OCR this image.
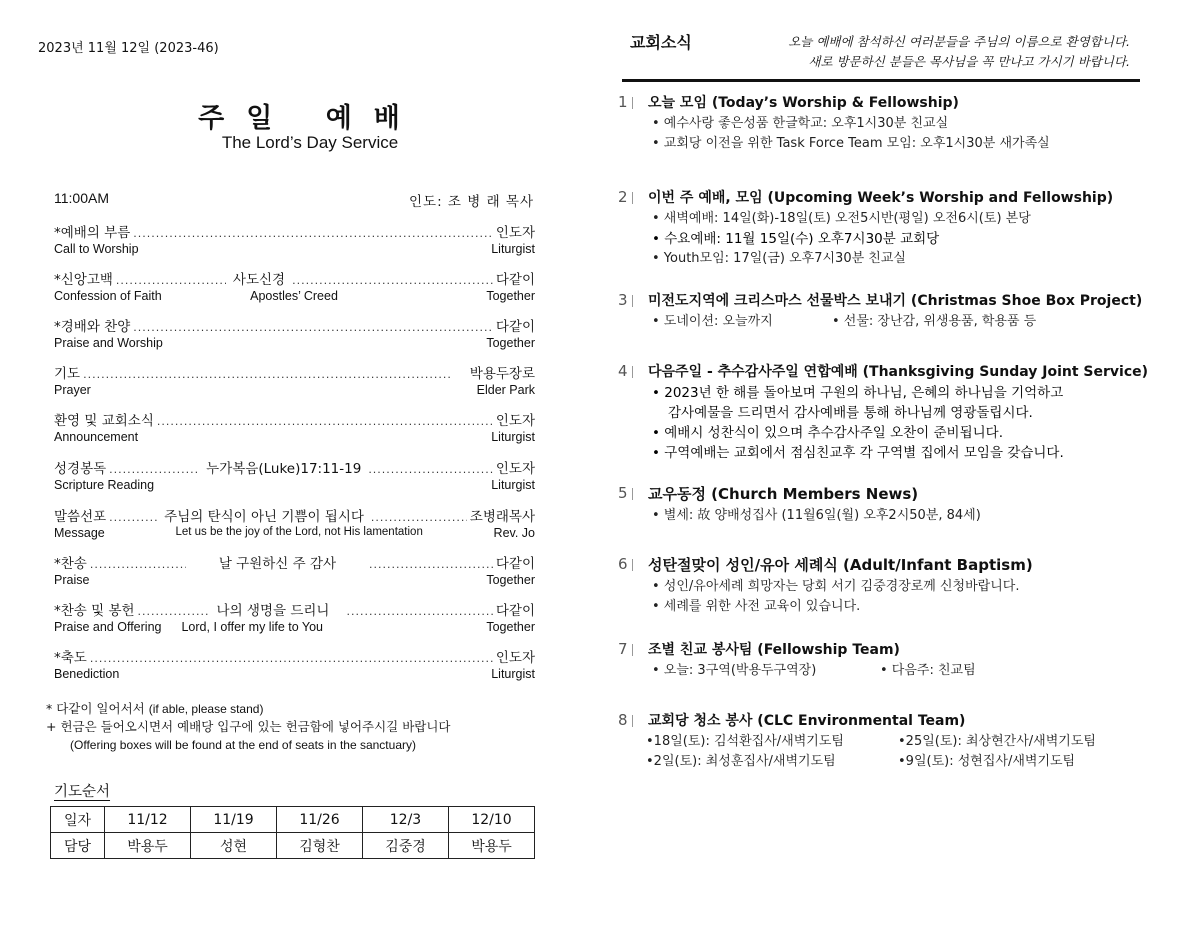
2023년 11월 12일 (2023-46)
주일 예배
The Lord’s Day Service
11:00AM	인도: 조 병 래 목사
*예배의 부름 .....	인도자
Call to Worship	Liturgist
*신앙고백 .....	사도신경 .....	다같이
Confession of Faith	Apostles’ Creed	Together
*경배와 찬양 .....	다같이
Praise and Worship	Together
기도 .....	박용두장로
Prayer	Elder Park
환영 및 교회소식 .....	인도자
Announcement	Liturgist
성경봉독 .....	누가복음(Luke)17:11-19 .....	인도자
Scripture Reading	Liturgist
말씀선포 .....	주님의 탄식이 아닌 기쁨이 됩시다 .....	조병래목사
Message	Let us be the joy of the Lord, not His lamentation	Rev. Jo
*찬송 .....	날 구원하신 주 감사 .....	다같이
Praise	Together
*찬송 및 봉헌 .....	나의 생명을 드리니 .....	다같이
Praise and Offering	Lord, I offer my life to You	Together
*축도 .....	인도자
Benediction	Liturgist
* 다같이 일어서서 (if able, please stand)
+ 헌금은 들어오시면서 예배당 입구에 있는 헌금함에 넣어주시길 바랍니다
(Offering boxes will be found at the end of seats in the sanctuary)
기도순서
일자	11/12	11/19	11/26	12/3	12/10
담당	박용두	성현	김형찬	김중경	박용두
교회소식	오늘 예배에 참석하신 여러분들을 주님의 이름으로 환영합니다.
새로 방문하신 분들은 목사님을 꼭 만나고 가시기 바랍니다.
1 오늘 모임 (Today’s Worship & Fellowship)
• 예수사랑 좋은성품 한글학교: 오후1시30분 친교실
• 교회당 이전을 위한 Task Force Team 모임: 오후1시30분 새가족실
2 이번 주 예배, 모임 (Upcoming Week’s Worship and Fellowship)
• 새벽예배: 14일(화)-18일(토) 오전5시반(평일) 오전6시(토) 본당
• 수요예배: 11월 15일(수) 오후7시30분 교회당
• Youth모임: 17일(금) 오후7시30분 친교실
3 미전도지역에 크리스마스 선물박스 보내기 (Christmas Shoe Box Project)
• 도네이션: 오늘까지	• 선물: 장난감, 위생용품, 학용품 등
4 다음주일 - 추수감사주일 연합예배 (Thanksgiving Sunday Joint Service)
• 2023년 한 해를 돌아보며 구원의 하나님, 은혜의 하나님을 기억하고
감사예물을 드리면서 감사예배를 통해 하나님께 영광돌립시다.
• 예배시 성찬식이 있으며 추수감사주일 오찬이 준비됩니다.
• 구역예배는 교회에서 점심친교후 각 구역별 집에서 모임을 갖습니다.
5 교우동정 (Church Members News)
• 별세: 故 양배성집사 (11월6일(월) 오후2시50분, 84세)
6 성탄절맞이 성인/유아 세례식 (Adult/Infant Baptism)
• 성인/유아세례 희망자는 당회 서기 김중경장로께 신청바랍니다.
• 세례를 위한 사전 교육이 있습니다.
7 조별 친교 봉사팀 (Fellowship Team)
• 오늘: 3구역(박용두구역장)	• 다음주: 친교팀
8 교회당 청소 봉사 (CLC Environmental Team)
•18일(토): 김석환집사/새벽기도팀	•25일(토): 최상현간사/새벽기도팀
•2일(토): 최성훈집사/새벽기도팀	•9일(토): 성현집사/새벽기도팀
